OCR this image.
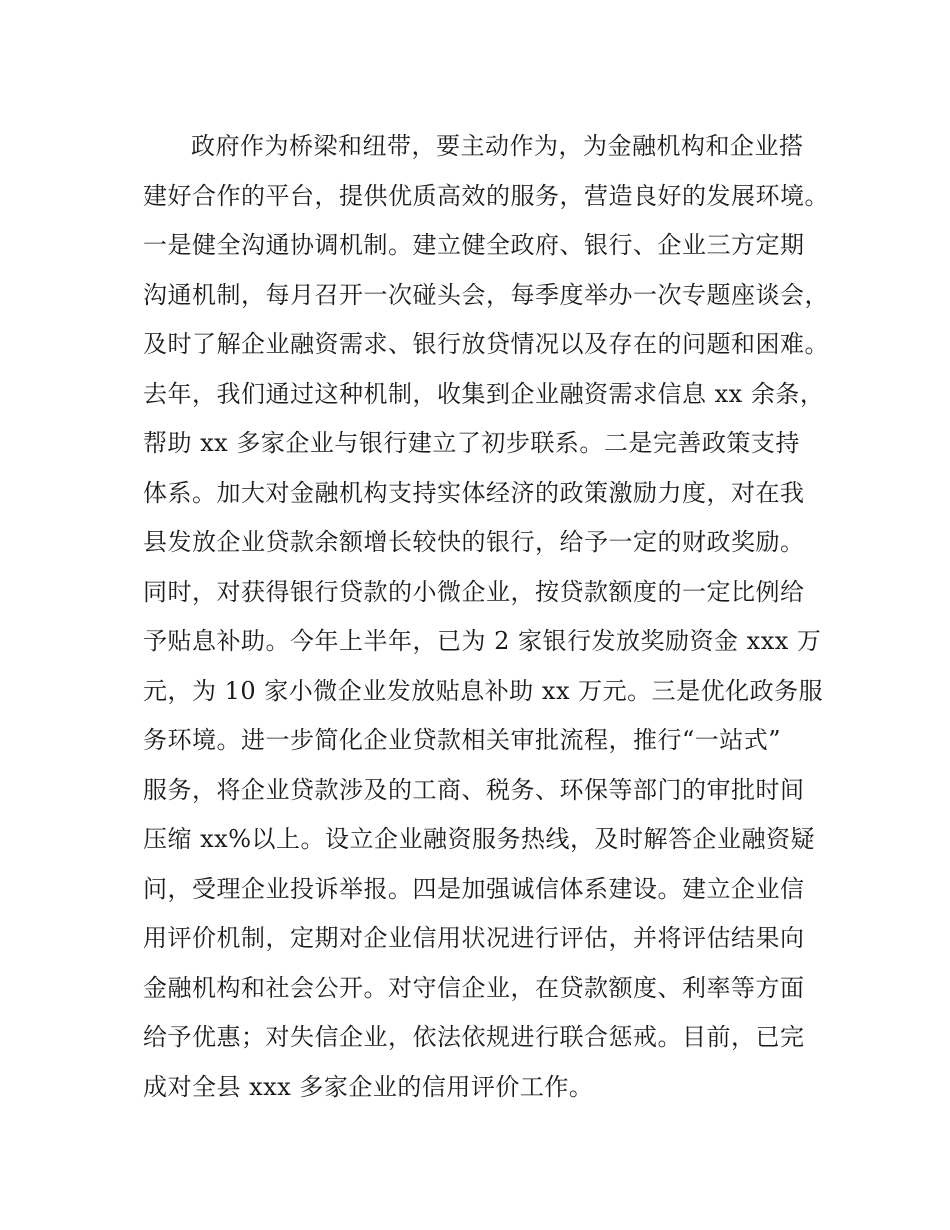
政府作为桥梁和纽带，要主动作为，为金融机构和企业搭
建好合作的平台，提供优质高效的服务，营造良好的发展环境。
一是健全沟通协调机制。建立健全政府、银行、企业三方定期
沟通机制，每月召开一次碰头会，每季度举办一次专题座谈会，
及时了解企业融资需求、银行放贷情况以及存在的问题和困难。
去年，我们通过这种机制，收集到企业融资需求信息 xx 余条，
帮助 xx 多家企业与银行建立了初步联系。二是完善政策支持
体系。加大对金融机构支持实体经济的政策激励力度，对在我
县发放企业贷款余额增长较快的银行，给予一定的财政奖励。
同时，对获得银行贷款的小微企业，按贷款额度的一定比例给
予贴息补助。今年上半年，已为 2 家银行发放奖励资金 xxx 万
元，为 10 家小微企业发放贴息补助 xx 万元。三是优化政务服
务环境。进一步简化企业贷款相关审批流程，推行“一站式”
服务，将企业贷款涉及的工商、税务、环保等部门的审批时间
压缩 xx%以上。设立企业融资服务热线，及时解答企业融资疑
问，受理企业投诉举报。四是加强诚信体系建设。建立企业信
用评价机制，定期对企业信用状况进行评估，并将评估结果向
金融机构和社会公开。对守信企业，在贷款额度、利率等方面
给予优惠；对失信企业，依法依规进行联合惩戒。目前，已完
成对全县 xxx 多家企业的信用评价工作。
